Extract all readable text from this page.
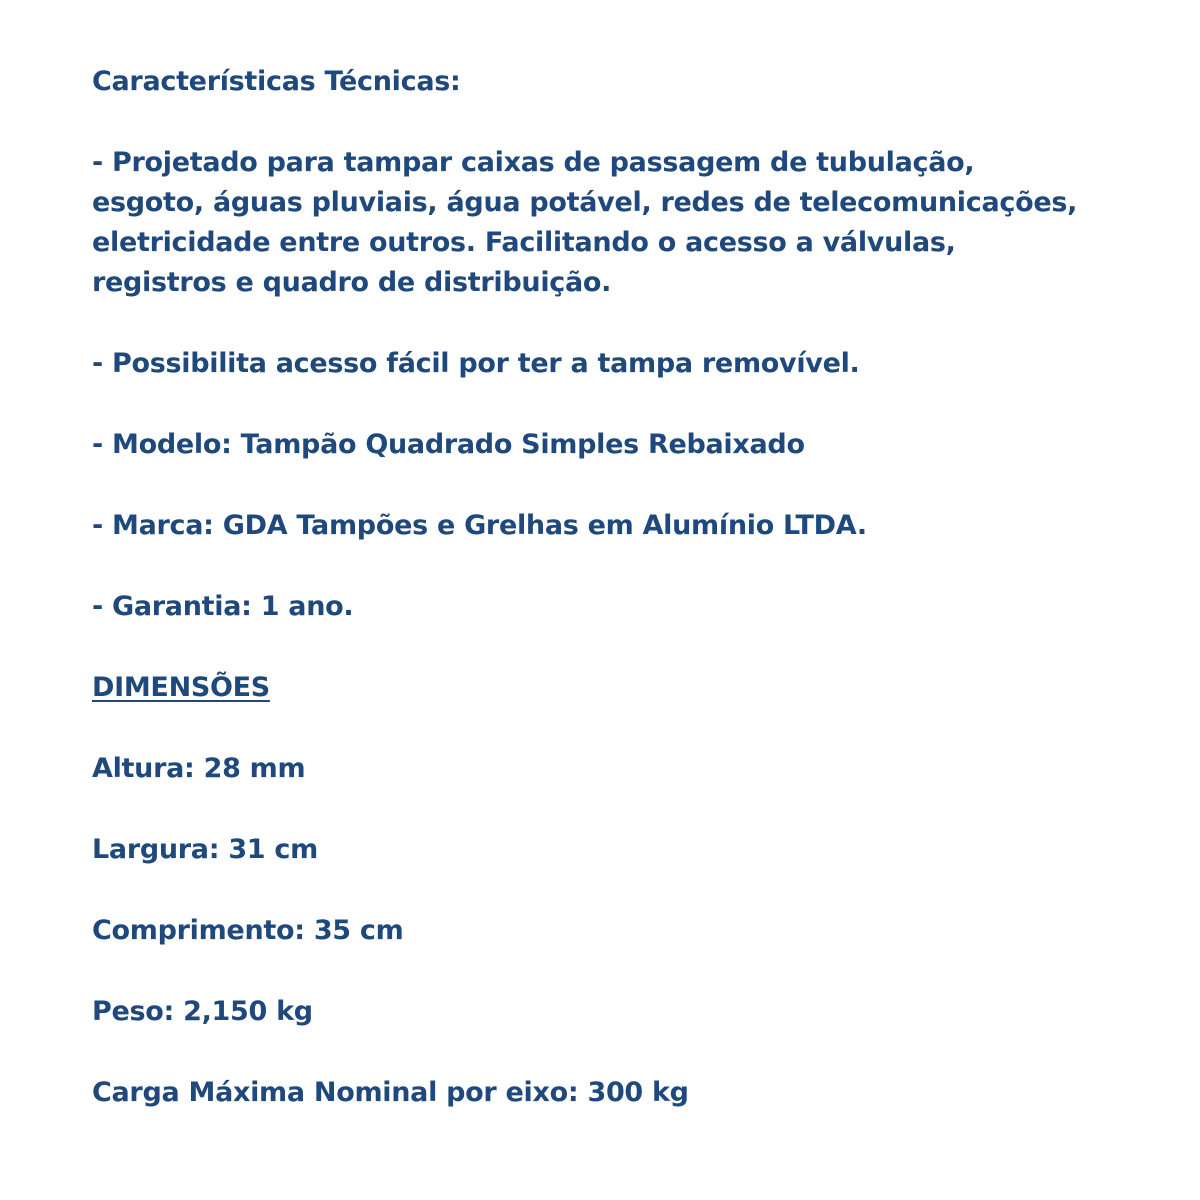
Características Técnicas:

- Projetado para tampar caixas de passagem de tubulação,

esgoto, águas pluviais, água potável, redes de telecomunicações,

eletricidade entre outros. Facilitando o acesso a válvulas,

registros e quadro de distribuição.

- Possibilita acesso fácil por ter a tampa removível.

- Modelo: Tampão Quadrado Simples Rebaixado

- Marca: GDA Tampões e Grelhas em Alumínio LTDA.

- Garantia: 1 ano.

DIMENSÕES

Altura: 28 mm

Largura: 31 cm

Comprimento: 35 cm

Peso: 2,150 kg

Carga Máxima Nominal por eixo: 300 kg
